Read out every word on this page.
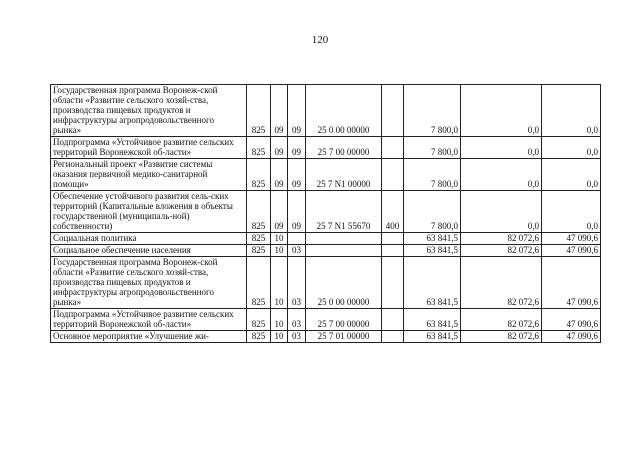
120
Государственная программа Воронеж-ской области «Развитие сельского хозяй-ства, производства пищевых продуктов и инфраструктуры агропродовольственного рынка»	825	09	09	25 0 00 00000		7 800,0	0,0	0,0
Подпрограмма «Устойчивое развитие сельских территорий Воронежской об-ласти»	825	09	09	25 7 00 00000		7 800,0	0,0	0,0
Региональный проект «Развитие системы оказания первичной медико-санитарной помощи»	825	09	09	25 7 N1 00000		7 800,0	0,0	0,0
Обеспечение устойчивого развития сель-ских территорий (Капитальные вложения в объекты государственной (муниципаль-ной) собственности)	825	09	09	25 7 N1 55670	400	7 800,0	0,0	0,0
Социальная политика	825	10				63 841,5	82 072,6	47 090,6
Социальное обеспечение населения	825	10	03			63 841,5	82 072,6	47 090,6
Государственная программа Воронеж-ской области «Развитие сельского хозяй-ства, производства пищевых продуктов и инфраструктуры агропродовольственного рынка»	825	10	03	25 0 00 00000		63 841,5	82 072,6	47 090,6
Подпрограмма «Устойчивое развитие сельских территорий Воронежской об-ласти»	825	10	03	25 7 00 00000		63 841,5	82 072,6	47 090,6
Основное мероприятие «Улучшение жи-	825	10	03	25 7 01 00000		63 841,5	82 072,6	47 090,6
